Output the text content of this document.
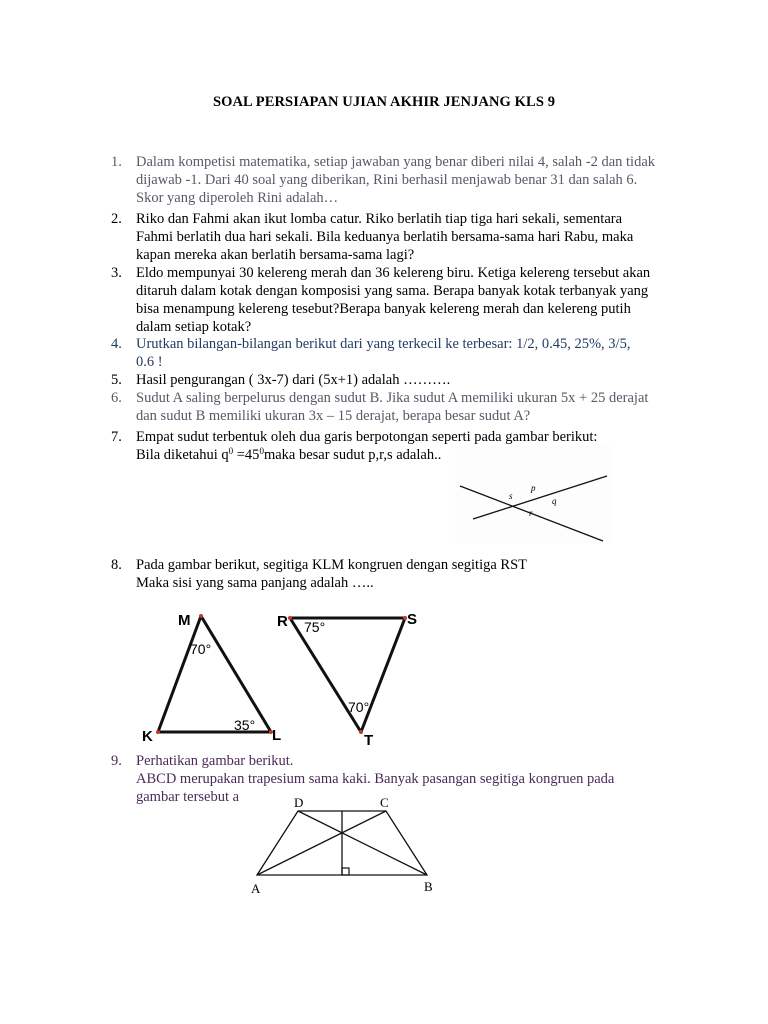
SOAL PERSIAPAN UJIAN AKHIR JENJANG KLS 9
1. Dalam kompetisi matematika, setiap jawaban yang benar diberi nilai 4, salah -2 dan tidak
dijawab -1. Dari 40 soal yang diberikan, Rini berhasil menjawab benar 31 dan salah 6.
Skor yang diperoleh Rini adalah…
2. Riko dan Fahmi akan ikut lomba catur. Riko berlatih tiap tiga hari sekali, sementara
Fahmi berlatih dua hari sekali. Bila keduanya berlatih bersama-sama hari Rabu, maka
kapan mereka akan berlatih bersama-sama lagi?
3. Eldo mempunyai 30 kelereng merah dan 36 kelereng biru. Ketiga kelereng tersebut akan
ditaruh dalam kotak dengan komposisi yang sama. Berapa banyak kotak terbanyak yang
bisa menampung kelereng tesebut?Berapa banyak kelereng merah dan kelereng putih
dalam setiap kotak?
4. Urutkan bilangan-bilangan berikut dari yang terkecil ke terbesar: 1/2, 0.45, 25%, 3/5,
0.6 !
5. Hasil pengurangan ( 3x-7) dari (5x+1) adalah ……….
6. Sudut A saling berpelurus dengan sudut B. Jika sudut A memiliki ukuran 5x + 25 derajat
dan sudut B memiliki ukuran 3x – 15 derajat, berapa besar sudut A?
7. Empat sudut terbentuk oleh dua garis berpotongan seperti pada gambar berikut:
Bila diketahui $q^0$ $=45^0maka$ besar sudut p,r,s adalah..
p
q
r
s
8. Pada gambar berikut, segitiga KLM kongruen dengan segitiga RST
Maka sisi yang sama panjang adalah …..
M
K	L
70°
35°
R	S
T
75°
70°
9. Perhatikan gambar berikut.
ABCD merupakan trapesium sama kaki. Banyak pasangan segitiga kongruen pada
gambar tersebut a
A	B
C
D
